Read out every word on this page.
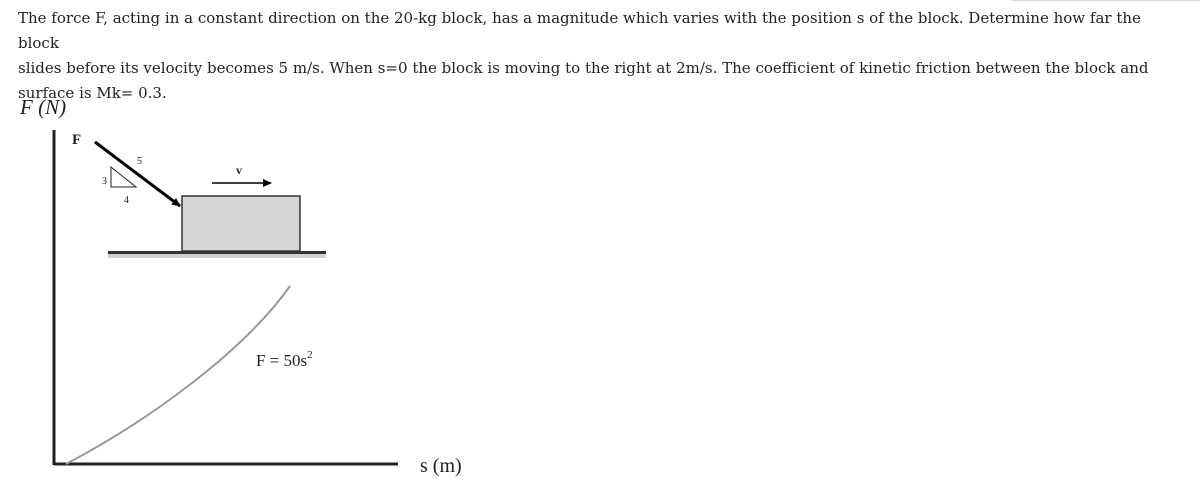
The force F, acting in a constant direction on the 20-kg block, has a magnitude which varies with the position s of the block. Determine how far the block
slides before its velocity becomes 5 m/s. When s=0 the block is moving to the right at 2m/s. The coefficient of kinetic friction between the block and
surface is Mk= 0.3.
F (N)
$F = 50s^2$
s (m)
F
3
4
5
v
